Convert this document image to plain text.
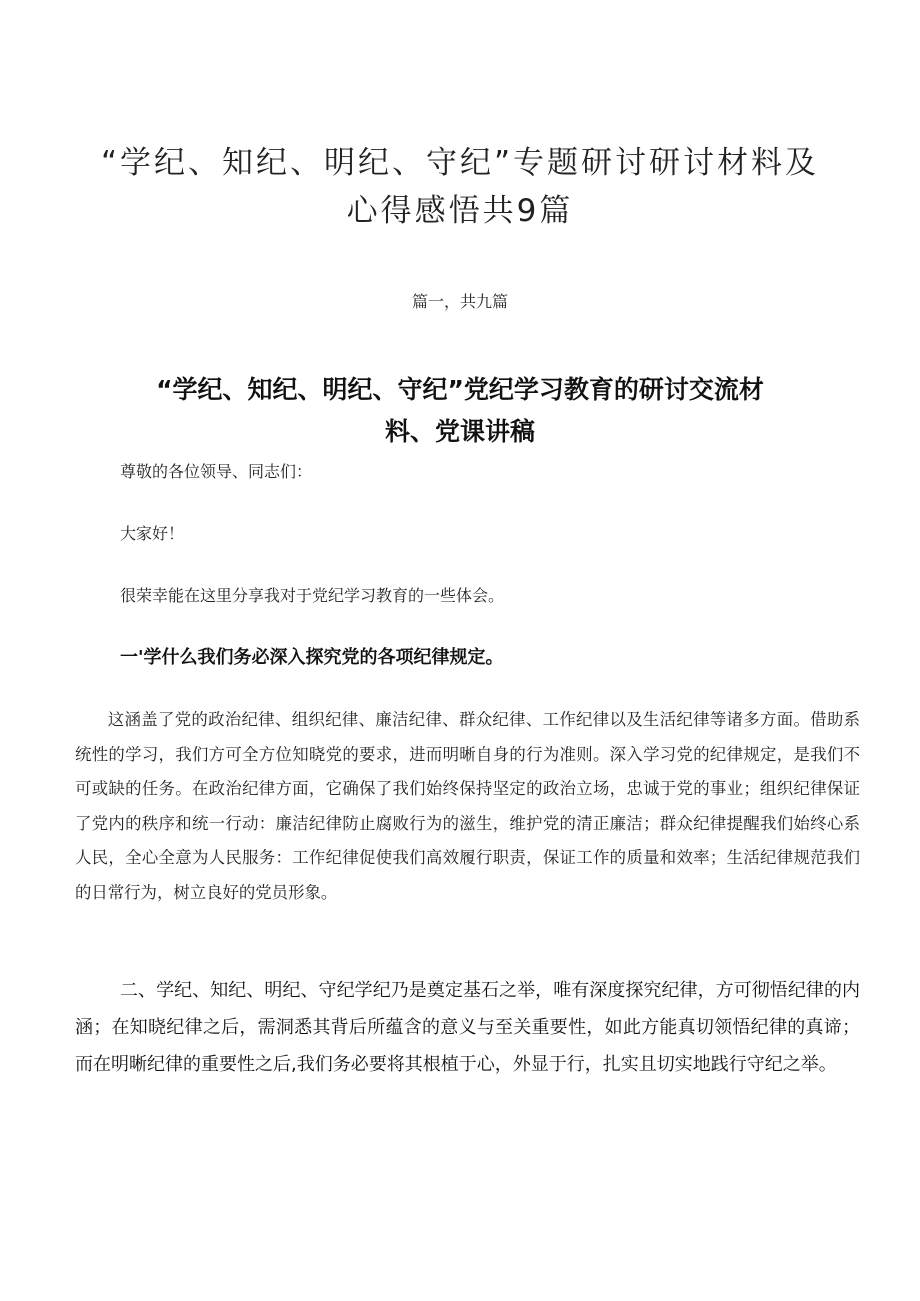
“学纪、知纪、明纪、守纪”专题研讨研讨材料及
心得感悟共9篇
篇一，共九篇
“学纪、知纪、明纪、守纪”党纪学习教育的研讨交流材
料、党课讲稿

尊敬的各位领导、同志们：

大家好！

很荣幸能在这里分享我对于党纪学习教育的一些体会。

一'学什么我们务必深入探究党的各项纪律规定。

这涵盖了党的政治纪律、组织纪律、廉洁纪律、群众纪律、工作纪律以及生活纪律等诸多方面。借助系统性的学习，我们方可全方位知晓党的要求，进而明晰自身的行为准则。深入学习党的纪律规定，是我们不可或缺的任务。在政治纪律方面，它确保了我们始终保持坚定的政治立场，忠诚于党的事业；组织纪律保证了党内的秩序和统一行动：廉洁纪律防止腐败行为的滋生，维护党的清正廉洁；群众纪律提醒我们始终心系人民，全心全意为人民服务：工作纪律促使我们高效履行职责，保证工作的质量和效率；生活纪律规范我们的日常行为，树立良好的党员形象。

二、学纪、知纪、明纪、守纪学纪乃是奠定基石之举，唯有深度探究纪律，方可彻悟纪律的内涵；在知晓纪律之后，需洞悉其背后所蕴含的意义与至关重要性，如此方能真切领悟纪律的真谛；而在明晰纪律的重要性之后,我们务必要将其根植于心，外显于行，扎实且切实地践行守纪之举。
